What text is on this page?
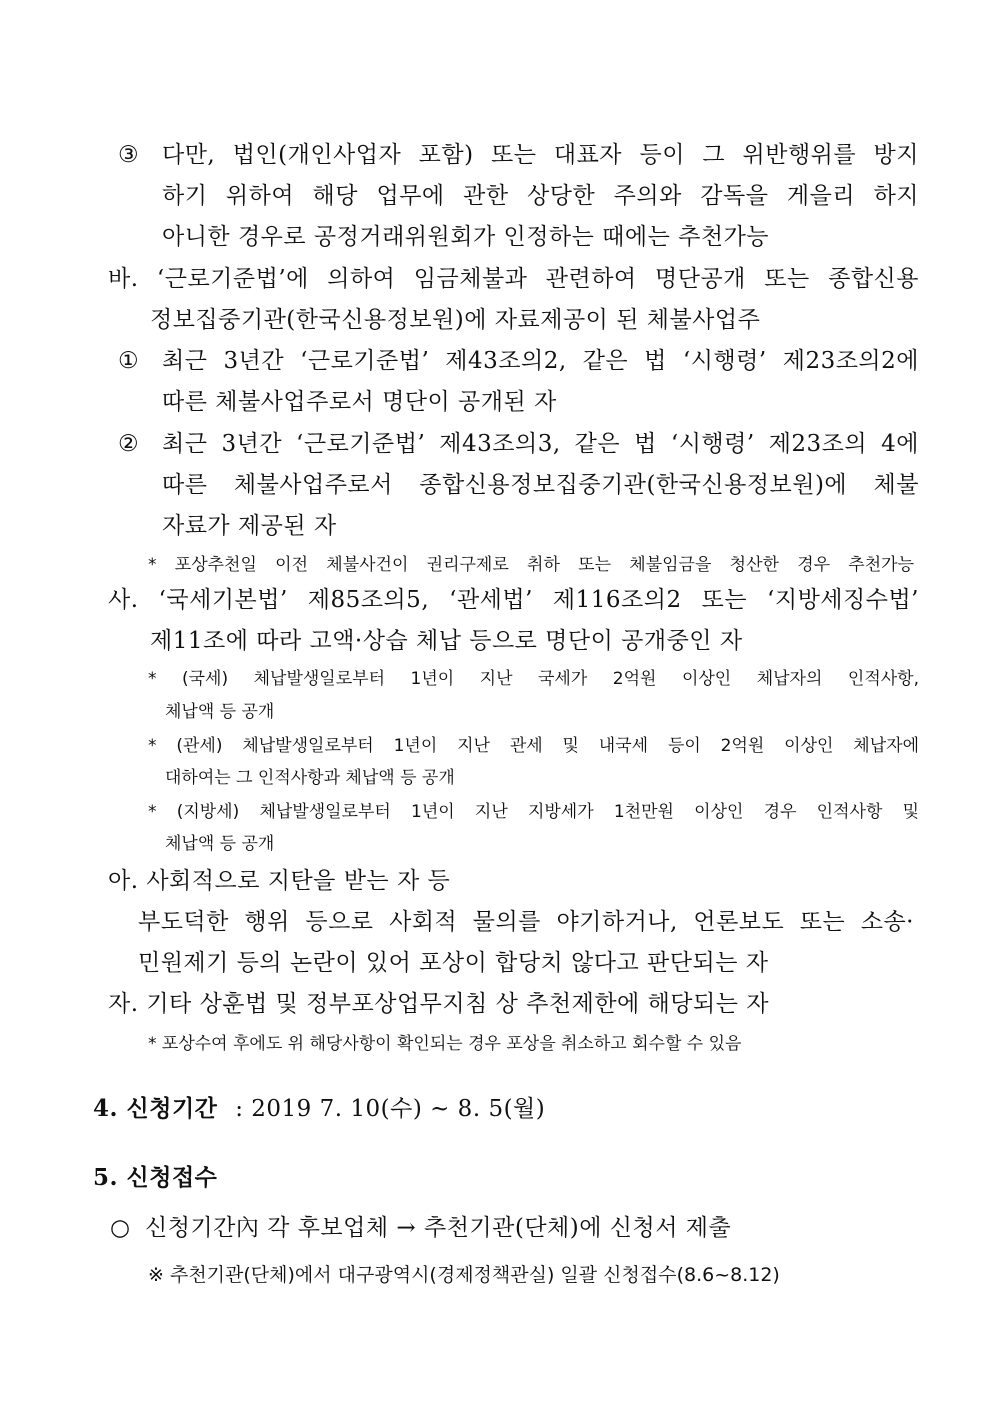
③ 다만, 법인(개인사업자 포함) 또는 대표자 등이 그 위반행위를 방지
하기 위하여 해당 업무에 관한 상당한 주의와 감독을 게을리 하지
아니한 경우로 공정거래위원회가 인정하는 때에는 추천가능
바. ‘근로기준법’에 의하여 임금체불과 관련하여 명단공개 또는 종합신용
정보집중기관(한국신용정보원)에 자료제공이 된 체불사업주
① 최근 3년간 ‘근로기준법’ 제43조의2, 같은 법 ‘시행령’ 제23조의2에
따른 체불사업주로서 명단이 공개된 자
② 최근 3년간 ‘근로기준법’ 제43조의3, 같은 법 ‘시행령’ 제23조의 4에
따른 체불사업주로서 종합신용정보집중기관(한국신용정보원)에 체불
자료가 제공된 자
* 포상추천일 이전 체불사건이 권리구제로 취하 또는 체불임금을 청산한 경우 추천가능
사. ‘국세기본법’ 제85조의5, ‘관세법’ 제116조의2 또는 ‘지방세징수법’
제11조에 따라 고액·상습 체납 등으로 명단이 공개중인 자
* (국세) 체납발생일로부터 1년이 지난 국세가 2억원 이상인 체납자의 인적사항,
체납액 등 공개
* (관세) 체납발생일로부터 1년이 지난 관세 및 내국세 등이 2억원 이상인 체납자에
대하여는 그 인적사항과 체납액 등 공개
* (지방세) 체납발생일로부터 1년이 지난 지방세가 1천만원 이상인 경우 인적사항 및
체납액 등 공개
아. 사회적으로 지탄을 받는 자 등
부도덕한 행위 등으로 사회적 물의를 야기하거나, 언론보도 또는 소송·
민원제기 등의 논란이 있어 포상이 합당치 않다고 판단되는 자
자. 기타 상훈법 및 정부포상업무지침 상 추천제한에 해당되는 자
* 포상수여 후에도 위 해당사항이 확인되는 경우 포상을 취소하고 회수할 수 있음
4. 신청기간 : 2019 7. 10(수) ~ 8. 5(월)
5. 신청접수
○ 신청기간內 각 후보업체 → 추천기관(단체)에 신청서 제출
※ 추천기관(단체)에서 대구광역시(경제정책관실) 일괄 신청접수(8.6~8.12)
